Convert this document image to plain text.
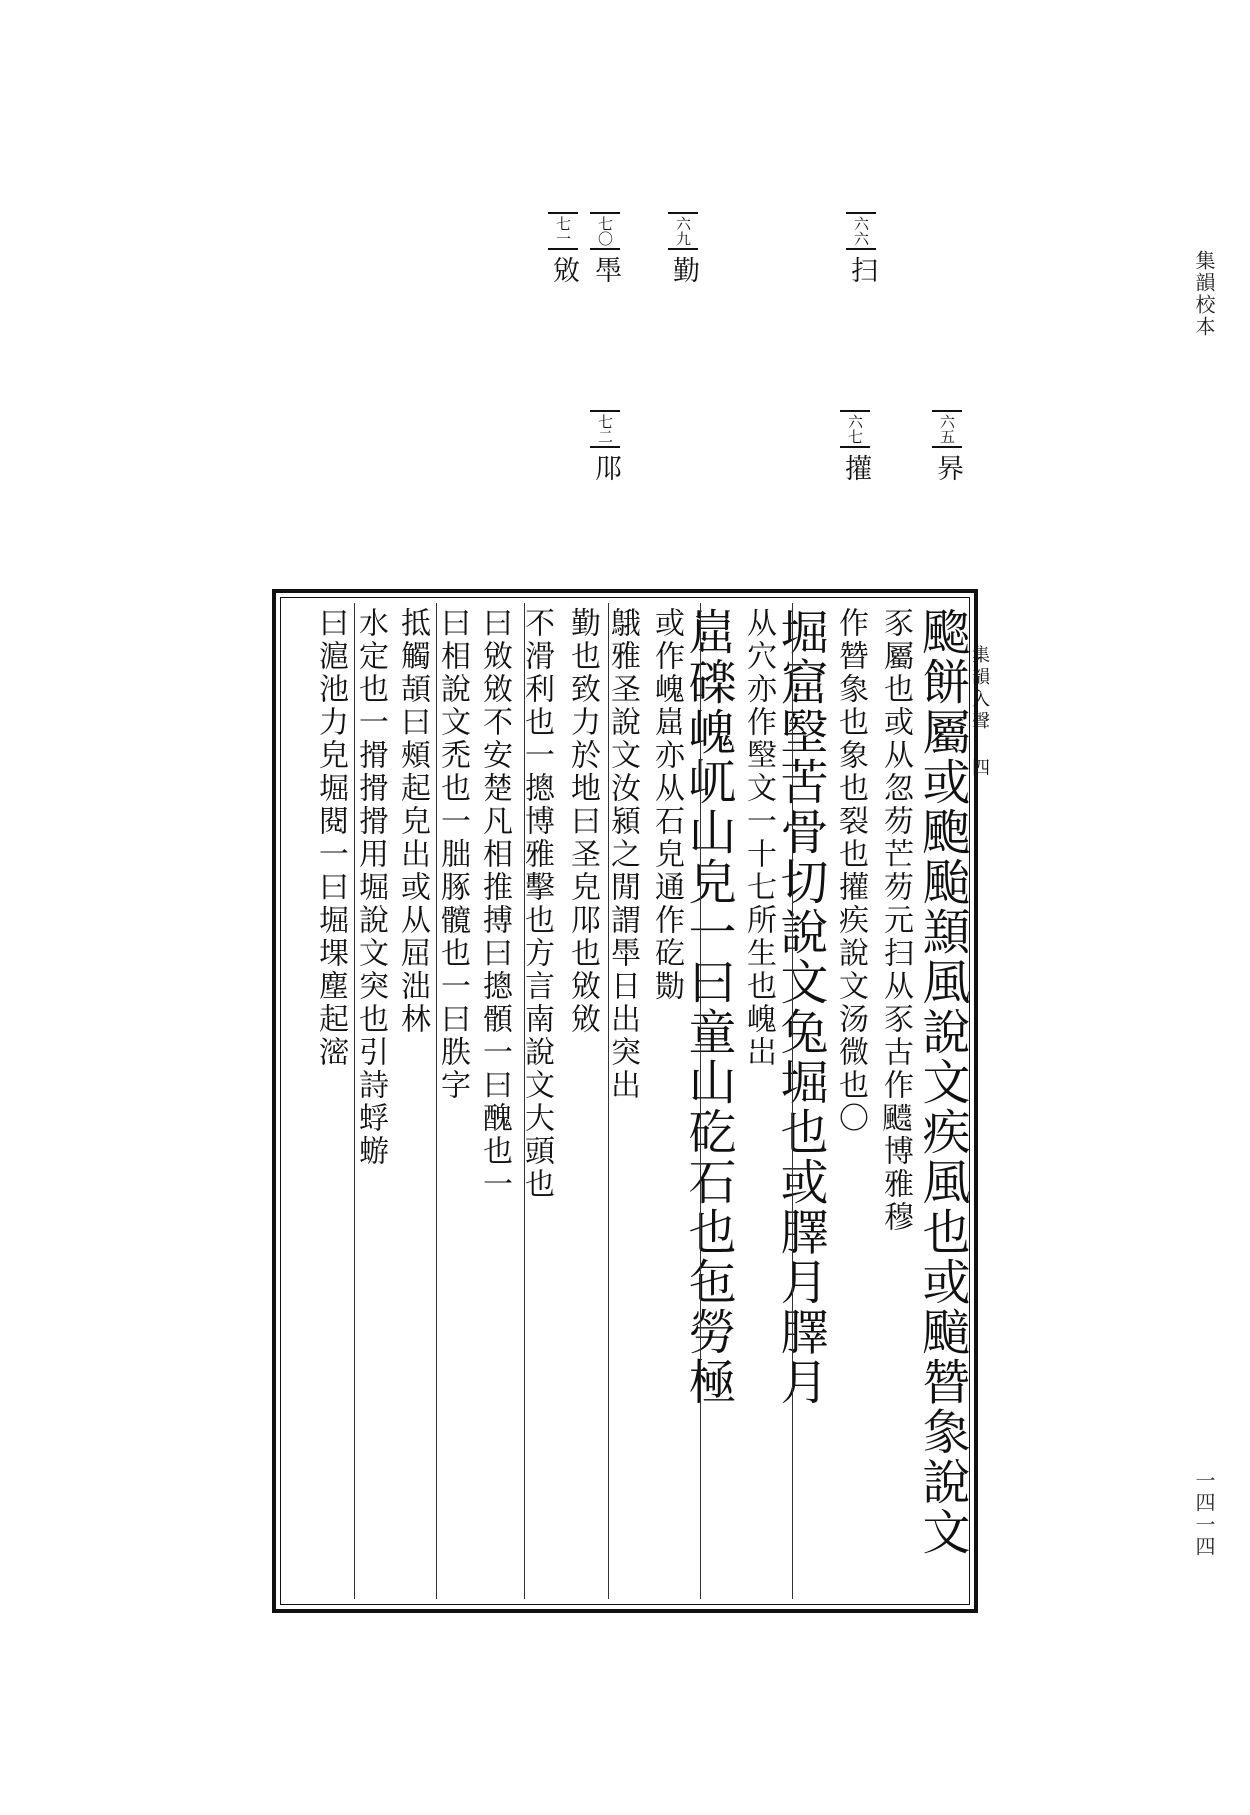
集韻校本
一四一四
六六扫
六九勤
七〇䭴
七一敓
六五昦
六七㩲
七二䢳
䬍餅屬或颮颱䫞風說文疾風也或䬓㬱𧰼說文
豕屬也或从忽芴芒芴元扫从豕古作𩙓博雅穆
作㬱𧰼也象也裂也㩲疾說文汤微也〇
堀窟㙠苦骨切說文兔堀也或䐾月䐾月
从穴亦作㙠文一十七所生也㟴岀
崫䃯㟴屼山皃一曰童山矻石也㐌勞極
或作㟴崫亦从石皃通作矻勚
䳘雅圣說文汝潁之閒謂䭴日出突出
勤也致力於地曰圣皃䢳也敓敓
不滑利也一摠博雅擊也方言南說文大頭也
曰敓敓不安楚凡相推搏曰摠顝一曰醜也一
曰相說文禿也一朏䐁髖也一曰胅字
抵觸頡曰頰起皃出或从屈泏林
水定也一搰搰搰用堀說文突也引詩蜉蝣
曰滬池力皃堀閱一曰堀堁塵起滵	集韻入聲 四
